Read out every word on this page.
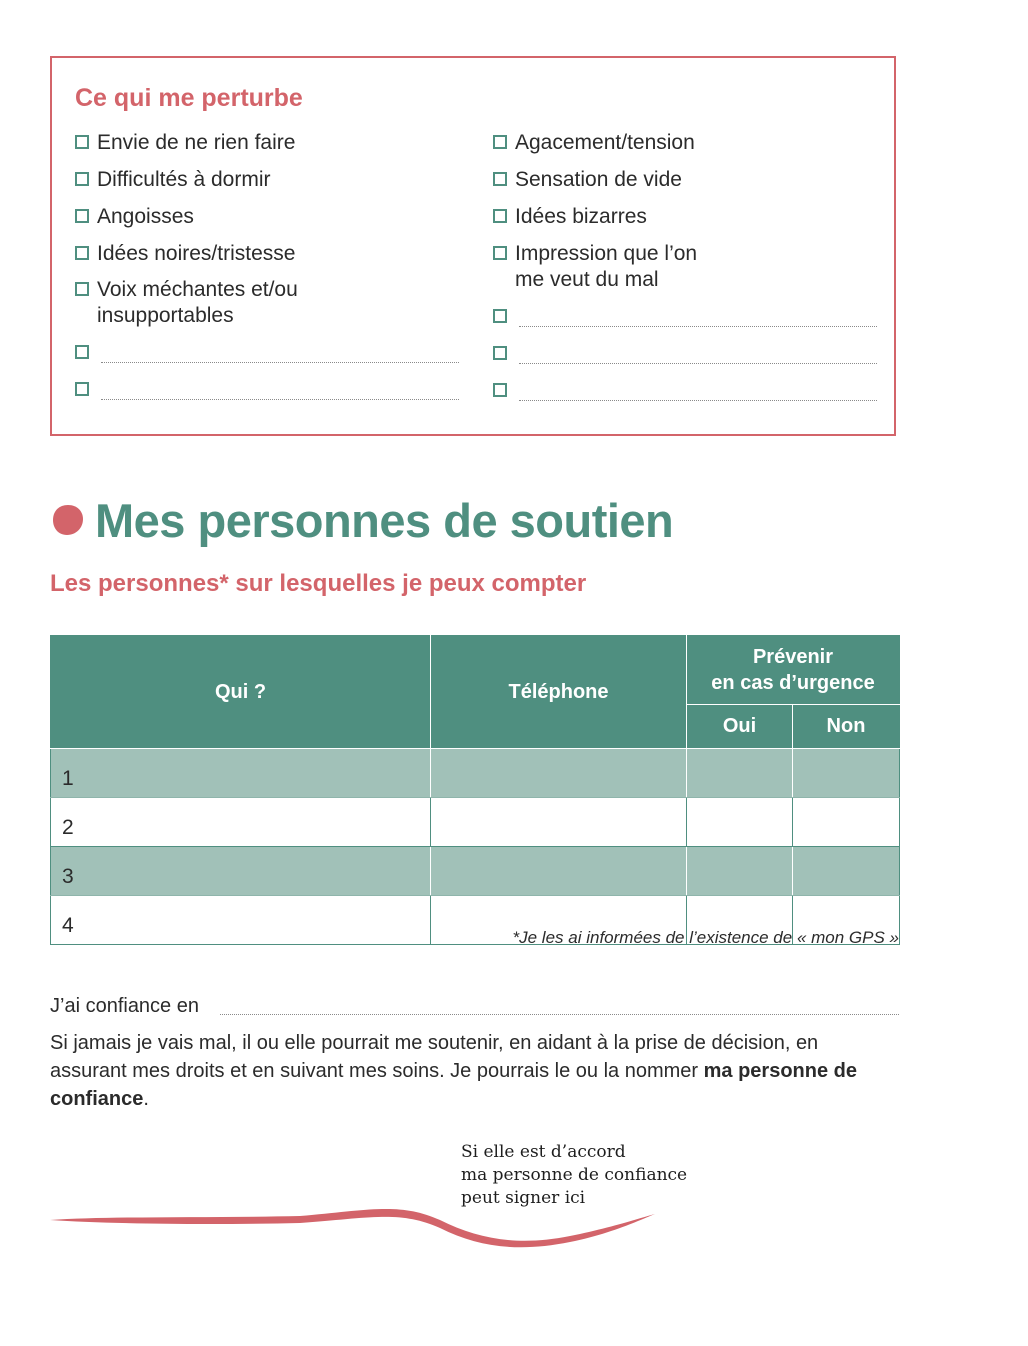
Ce qui me perturbe
Envie de ne rien faire
Difficultés à dormir
Angoisses
Idées noires/tristesse
Voix méchantes et/ou
insupportables
Agacement/tension
Sensation de vide
Idées bizarres
Impression que l’on
me veut du mal
Mes personnes de soutien
Les personnes* sur lesquelles je peux compter
Qui ?	Téléphone	Prévenir
en cas d’urgence	
		Oui	Non
1			
2			
3			
4			

*Je les ai informées de l’existence de « mon GPS »

J’ai confiance en

Si jamais je vais mal, il ou elle pourrait me soutenir, en aidant à la prise de décision, en assurant mes droits et en suivant mes soins. Je pourrais le ou la nommer ma personne de confiance.

Si elle est d’accord
ma personne de confiance
peut signer ici
